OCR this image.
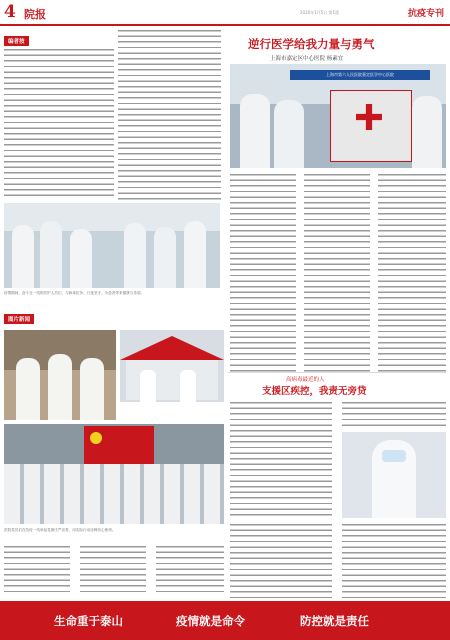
4 院报	2020年1月5日 第1版	抗疫专刊
编者按	逆行医学给我力量与勇气
上海市嘉定区中心医院 杨素宜
上海市第六人民医院嘉定医学中心医院
疫情期间，奋斗在一线的医护人员们，与病毒抗争，日夜坚守，为患者带来健康与希望。
图片新闻
医院党员们在抗疫一线举起党旗庄严宣誓，用实际行动诠释初心使命。
高病毒最近的人
支援区疾控，我责无旁贷
生命重于泰山	疫情就是命令	防控就是责任
